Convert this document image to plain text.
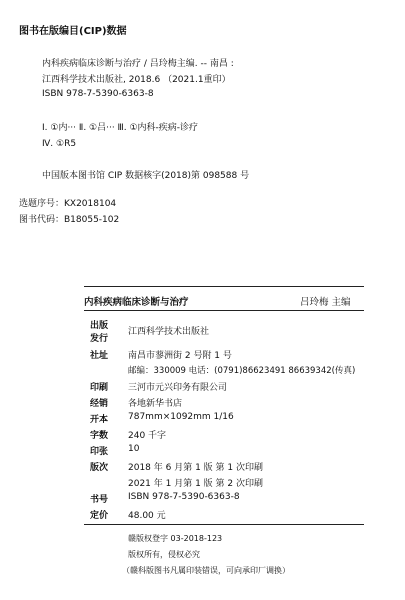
图书在版编目(CIP)数据
内科疾病临床诊断与治疗 / 吕玲梅主编. -- 南昌 :
江西科学技术出版社, 2018.6 （2021.1重印）
ISBN 978-7-5390-6363-8
Ⅰ. ①内··· Ⅱ. ①吕··· Ⅲ. ①内科-疾病-诊疗
Ⅳ. ①R5
中国版本图书馆 CIP 数据核字(2018)第 098588 号
选题序号：KX2018104
图书代码：B18055-102
内科疾病临床诊断与治疗	吕玲梅 主编
出版
发行
江西科学技术出版社
社址 南昌市蓼洲街 2 号附 1 号
邮编：330009 电话：(0791)86623491 86639342(传真)
印刷 三河市元兴印务有限公司
经销 各地新华书店
开本 787mm×1092mm 1/16
字数 240 千字
印张 10
版次 2018 年 6 月第 1 版 第 1 次印刷
2021 年 1 月第 1 版 第 2 次印刷
书号 ISBN 978-7-5390-6363-8
定价 48.00 元
赣版权登字 03-2018-123
版权所有，侵权必究
（赣科版图书凡属印装错误，可向承印厂调换）
